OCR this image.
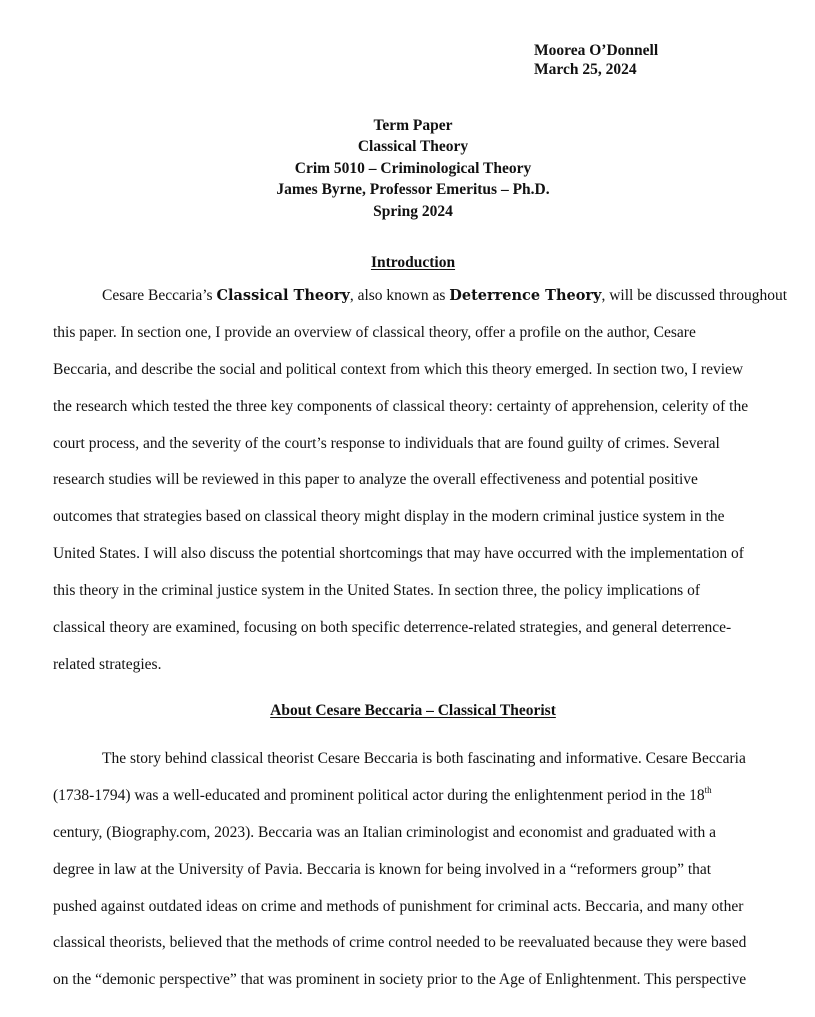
Moorea O’Donnell
March 25, 2024
Term Paper
Classical Theory
Crim 5010 – Criminological Theory
James Byrne, Professor Emeritus – Ph.D.
Spring 2024
Introduction
Cesare Beccaria’s Classical Theory, also known as Deterrence Theory, will be discussed throughout
this paper. In section one, I provide an overview of classical theory, offer a profile on the author, Cesare
Beccaria, and describe the social and political context from which this theory emerged. In section two, I review
the research which tested the three key components of classical theory: certainty of apprehension, celerity of the
court process, and the severity of the court’s response to individuals that are found guilty of crimes. Several
research studies will be reviewed in this paper to analyze the overall effectiveness and potential positive
outcomes that strategies based on classical theory might display in the modern criminal justice system in the
United States. I will also discuss the potential shortcomings that may have occurred with the implementation of
this theory in the criminal justice system in the United States. In section three, the policy implications of
classical theory are examined, focusing on both specific deterrence-related strategies, and general deterrence-
related strategies.
About Cesare Beccaria – Classical Theorist
The story behind classical theorist Cesare Beccaria is both fascinating and informative. Cesare Beccaria
(1738-1794) was a well-educated and prominent political actor during the enlightenment period in the 18th
century, (Biography.com, 2023). Beccaria was an Italian criminologist and economist and graduated with a
degree in law at the University of Pavia. Beccaria is known for being involved in a “reformers group” that
pushed against outdated ideas on crime and methods of punishment for criminal acts. Beccaria, and many other
classical theorists, believed that the methods of crime control needed to be reevaluated because they were based
on the “demonic perspective” that was prominent in society prior to the Age of Enlightenment. This perspective
